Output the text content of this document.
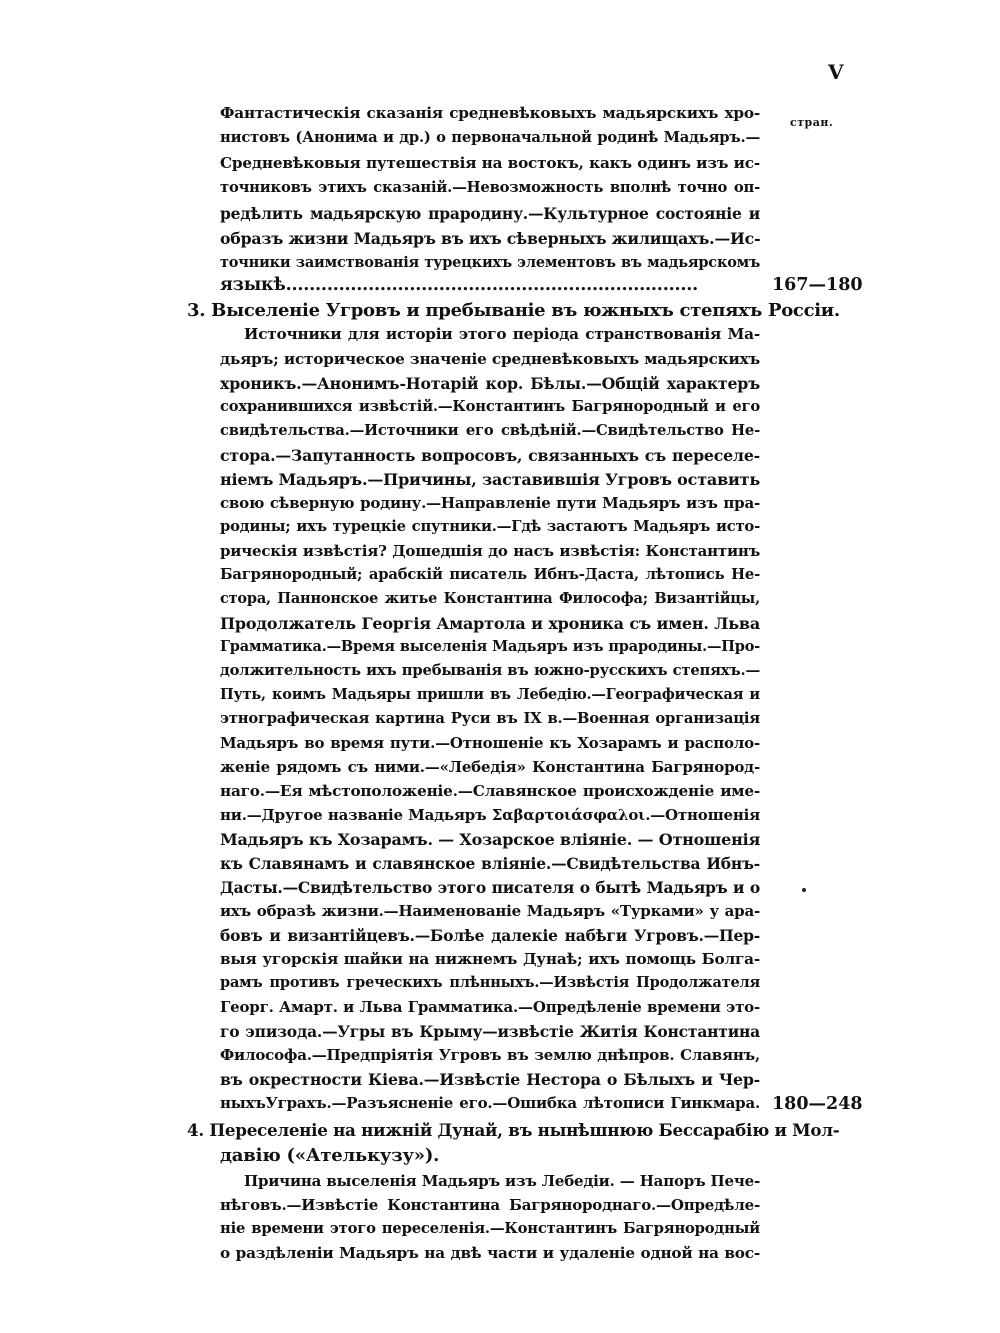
V
стран.
Фантастическія сказанія средневѣковыхъ мадьярскихъ хро-
нистовъ (Анонима и др.) о первоначальной родинѣ Мадьяръ.—
Средневѣковыя путешествія на востокъ, какъ одинъ изъ ис-
точниковъ этихъ сказаній.—Невозможность вполнѣ точно оп-
редѣлить мадьярскую прародину.—Культурное состояніе и
образъ жизни Мадьяръ въ ихъ сѣверныхъ жилищахъ.—Ис-
точники заимствованія турецкихъ элементовъ въ мадьярскомъ
языкѣ......................................................................	167—180
3. Выселеніе Угровъ и пребываніе въ южныхъ степяхъ Россіи.
Источники для исторіи этого періода странствованія Ма-
дьяръ; историческое значеніе средневѣковыхъ мадьярскихъ
хроникъ.—Анонимъ-Нотарій кор. Бѣлы.—Общій характеръ
сохранившихся извѣстій.—Константинъ Багрянородный и его
свидѣтельства.—Источники его свѣдѣній.—Свидѣтельство Не-
стора.—Запутанность вопросовъ, связанныхъ съ переселе-
ніемъ Мадьяръ.—Причины, заставившія Угровъ оставить
свою сѣверную родину.—Направленіе пути Мадьяръ изъ пра-
родины; ихъ турецкіе спутники.—Гдѣ застаютъ Мадьяръ исто-
рическія извѣстія? Дошедшія до насъ извѣстія: Константинъ
Багрянородный; арабскій писатель Ибнъ-Даста, лѣтопись Не-
стора, Паннонское житье Константина Философа; Византійцы,
Продолжатель Георгія Амартола и хроника съ имен. Льва
Грамматика.—Время выселенія Мадьяръ изъ прародины.—Про-
должительность ихъ пребыванія въ южно-русскихъ степяхъ.—
Путь, коимъ Мадьяры пришли въ Лебедію.—Географическая и
этнографическая картина Руси въ IX в.—Военная организація
Мадьяръ во время пути.—Отношеніе къ Хозарамъ и располо-
женіе рядомъ съ ними.—«Лебедія» Константина Багрянород-
наго.—Ея мѣстоположеніе.—Славянское происхожденіе име-
ни.—Другое названіе Мадьяръ Σαβαρτοιάσφαλοι.—Отношенія
Мадьяръ къ Хозарамъ. — Хозарское вліяніе. — Отношенія
къ Славянамъ и славянское вліяніе.—Свидѣтельства Ибнъ-
Дасты.—Свидѣтельство этого писателя о бытѣ Мадьяръ и о
ихъ образѣ жизни.—Наименованіе Мадьяръ «Турками» у ара-
бовъ и византійцевъ.—Болѣе далекіе набѣги Угровъ.—Пер-
выя угорскія шайки на нижнемъ Дунаѣ; ихъ помощь Болга-
рамъ противъ греческихъ плѣнныхъ.—Извѣстія Продолжателя
Георг. Амарт. и Льва Грамматика.—Опредѣленіе времени это-
го эпизода.—Угры въ Крыму—извѣстіе Житія Константина
Философа.—Предпріятія Угровъ въ землю днѣпров. Славянъ,
въ окрестности Кіева.—Извѣстіе Нестора о Бѣлыхъ и Чер-
ныхъУграхъ.—Разъясненіе его.—Ошибка лѣтописи Гинкмара. 180—248
4. Переселеніе на нижній Дунай, въ нынѣшнюю Бессарабію и Мол-
давію («Ателькузу»).
Причина выселенія Мадьяръ изъ Лебедіи. — Напоръ Пече-
нѣговъ.—Извѣстіе Константина Багрянороднаго.—Опредѣле-
ніе времени этого переселенія.—Константинъ Багрянородный
о раздѣленіи Мадьяръ на двѣ части и удаленіе одной на вос-
